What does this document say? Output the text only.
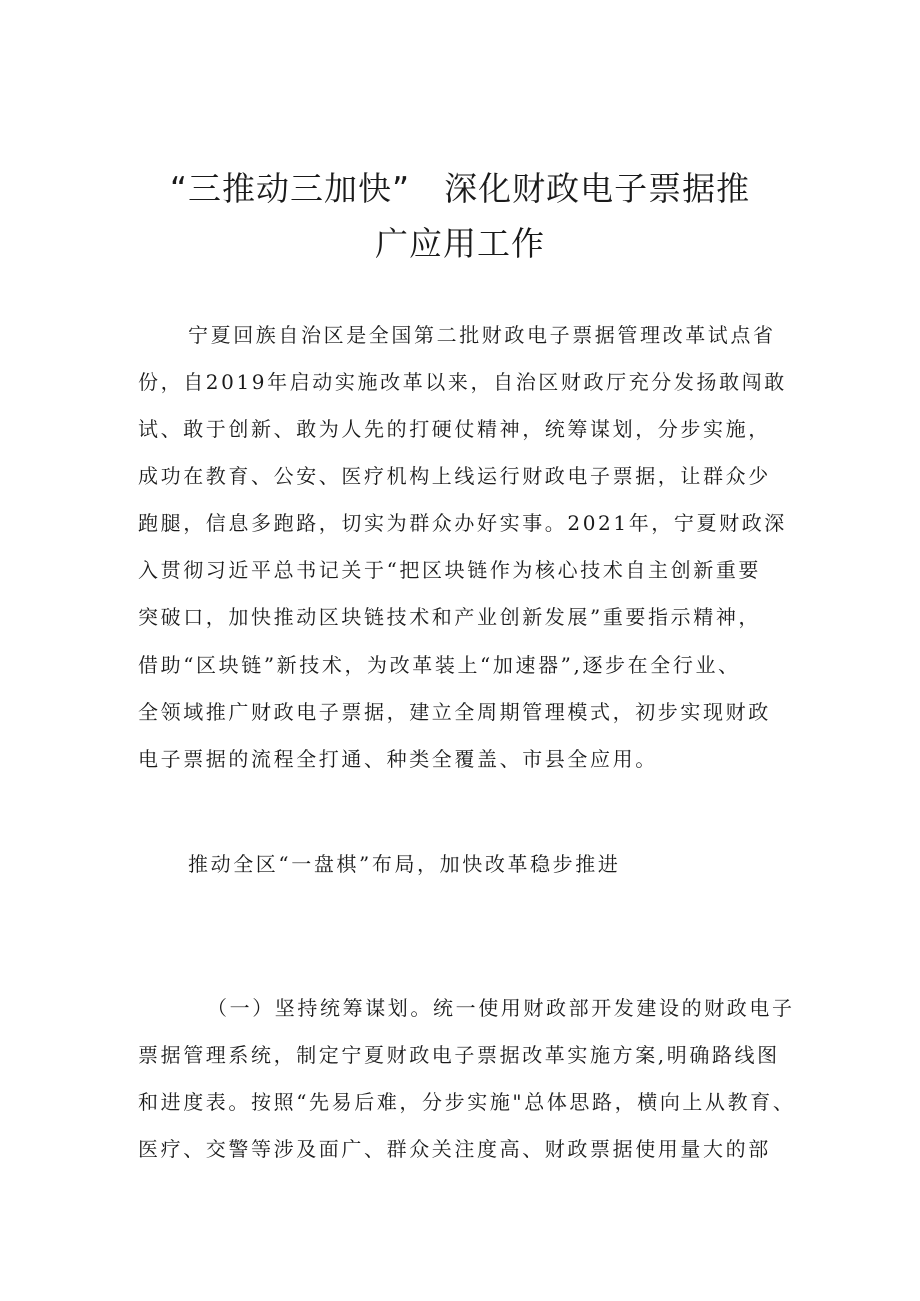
“三推动三加快”　深化财政电子票据推
广应用工作
宁夏回族自治区是全国第二批财政电子票据管理改革试点省
份，自2019年启动实施改革以来，自治区财政厅充分发扬敢闯敢
试、敢于创新、敢为人先的打硬仗精神，统筹谋划，分步实施，
成功在教育、公安、医疗机构上线运行财政电子票据，让群众少
跑腿，信息多跑路，切实为群众办好实事。2021年，宁夏财政深
入贯彻习近平总书记关于“把区块链作为核心技术自主创新重要
突破口，加快推动区块链技术和产业创新发展”重要指示精神，
借助“区块链”新技术，为改革装上“加速器”,逐步在全行业、
全领域推广财政电子票据，建立全周期管理模式，初步实现财政
电子票据的流程全打通、种类全覆盖、市县全应用。
推动全区“一盘棋”布局，加快改革稳步推进
（一）坚持统筹谋划。统一使用财政部开发建设的财政电子
票据管理系统，制定宁夏财政电子票据改革实施方案,明确路线图
和进度表。按照“先易后难，分步实施"总体思路，横向上从教育、
医疗、交警等涉及面广、群众关注度高、财政票据使用量大的部
